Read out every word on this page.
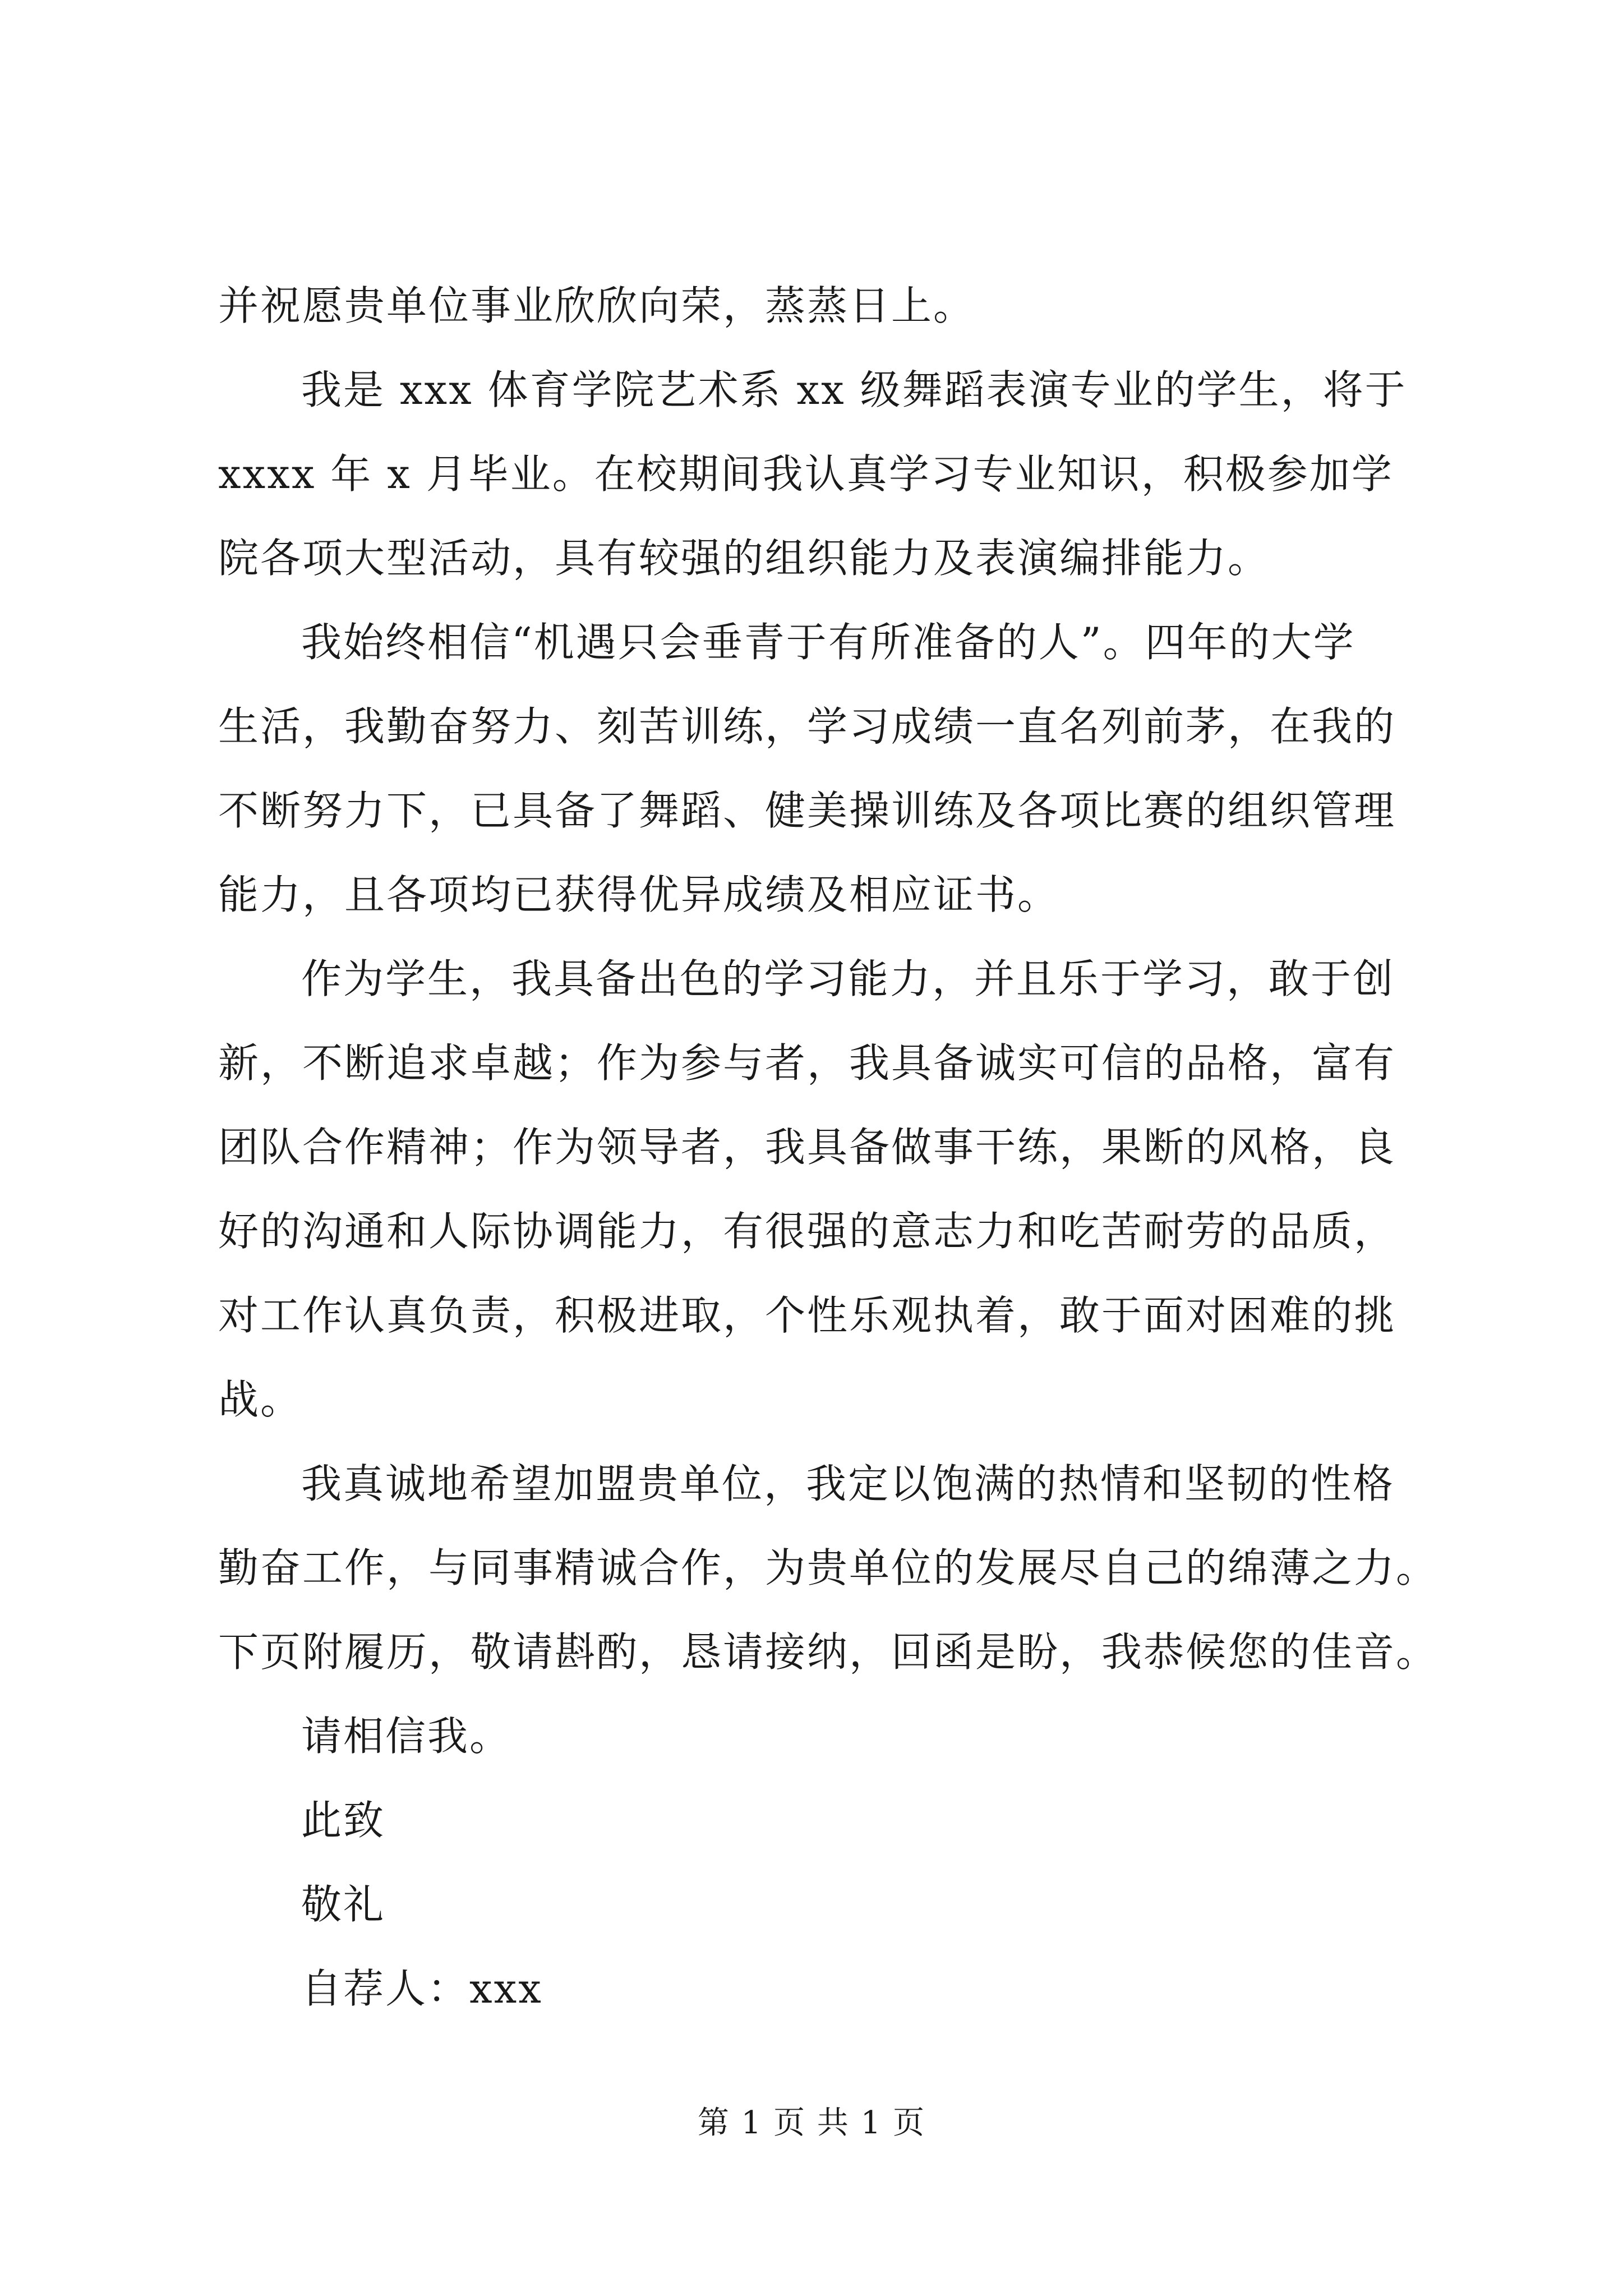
并祝愿贵单位事业欣欣向荣，蒸蒸日上。
我是 xxx 体育学院艺术系 xx 级舞蹈表演专业的学生，将于
xxxx 年 x 月毕业。在校期间我认真学习专业知识，积极参加学
院各项大型活动，具有较强的组织能力及表演编排能力。
我始终相信“机遇只会垂青于有所准备的人”。四年的大学
生活，我勤奋努力、刻苦训练，学习成绩一直名列前茅，在我的
不断努力下，已具备了舞蹈、健美操训练及各项比赛的组织管理
能力，且各项均已获得优异成绩及相应证书。
作为学生，我具备出色的学习能力，并且乐于学习，敢于创
新，不断追求卓越；作为参与者，我具备诚实可信的品格，富有
团队合作精神；作为领导者，我具备做事干练，果断的风格，良
好的沟通和人际协调能力，有很强的意志力和吃苦耐劳的品质，
对工作认真负责，积极进取，个性乐观执着，敢于面对困难的挑
战。
我真诚地希望加盟贵单位，我定以饱满的热情和坚韧的性格
勤奋工作，与同事精诚合作，为贵单位的发展尽自己的绵薄之力。
下页附履历，敬请斟酌，恳请接纳，回函是盼，我恭候您的佳音。
请相信我。
此致
敬礼
自荐人：xxx
第 1 页 共 1 页
